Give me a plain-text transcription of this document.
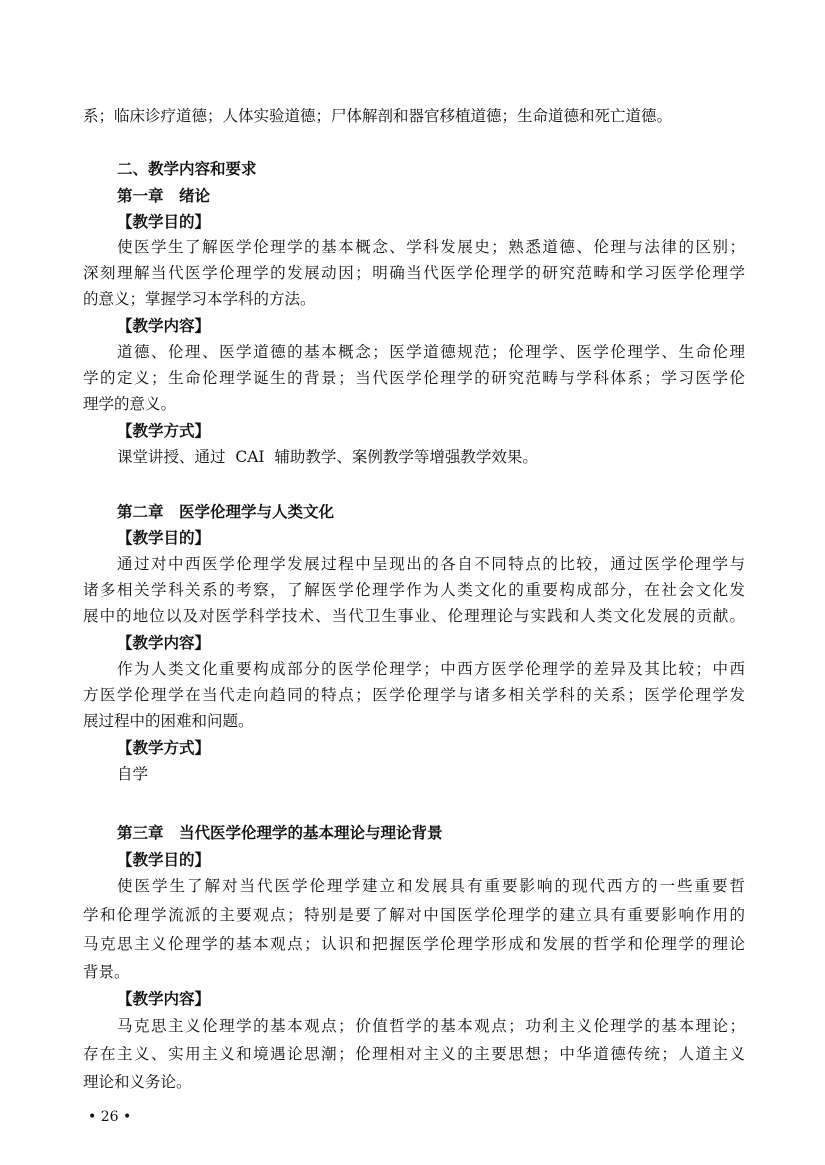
系；临床诊疗道德；人体实验道德；尸体解剖和器官移植道德；生命道德和死亡道德。
二、教学内容和要求
第一章　绪论
【教学目的】
使医学生了解医学伦理学的基本概念、学科发展史；熟悉道德、伦理与法律的区别；
深刻理解当代医学伦理学的发展动因；明确当代医学伦理学的研究范畴和学习医学伦理学
的意义；掌握学习本学科的方法。
【教学内容】
道德、伦理、医学道德的基本概念；医学道德规范；伦理学、医学伦理学、生命伦理
学的定义；生命伦理学诞生的背景；当代医学伦理学的研究范畴与学科体系；学习医学伦
理学的意义。
【教学方式】
课堂讲授、通过  CAI  辅助教学、案例教学等增强教学效果。
第二章　医学伦理学与人类文化
【教学目的】
通过对中西医学伦理学发展过程中呈现出的各自不同特点的比较，通过医学伦理学与
诸多相关学科关系的考察，了解医学伦理学作为人类文化的重要构成部分，在社会文化发
展中的地位以及对医学科学技术、当代卫生事业、伦理理论与实践和人类文化发展的贡献。
【教学内容】
作为人类文化重要构成部分的医学伦理学；中西方医学伦理学的差异及其比较；中西
方医学伦理学在当代走向趋同的特点；医学伦理学与诸多相关学科的关系；医学伦理学发
展过程中的困难和问题。
【教学方式】
自学
第三章　当代医学伦理学的基本理论与理论背景
【教学目的】
使医学生了解对当代医学伦理学建立和发展具有重要影响的现代西方的一些重要哲
学和伦理学流派的主要观点；特别是要了解对中国医学伦理学的建立具有重要影响作用的
马克思主义伦理学的基本观点；认识和把握医学伦理学形成和发展的哲学和伦理学的理论
背景。
【教学内容】
马克思主义伦理学的基本观点；价值哲学的基本观点；功利主义伦理学的基本理论；
存在主义、实用主义和境遇论思潮；伦理相对主义的主要思想；中华道德传统；人道主义
理论和义务论。
• 26 •
